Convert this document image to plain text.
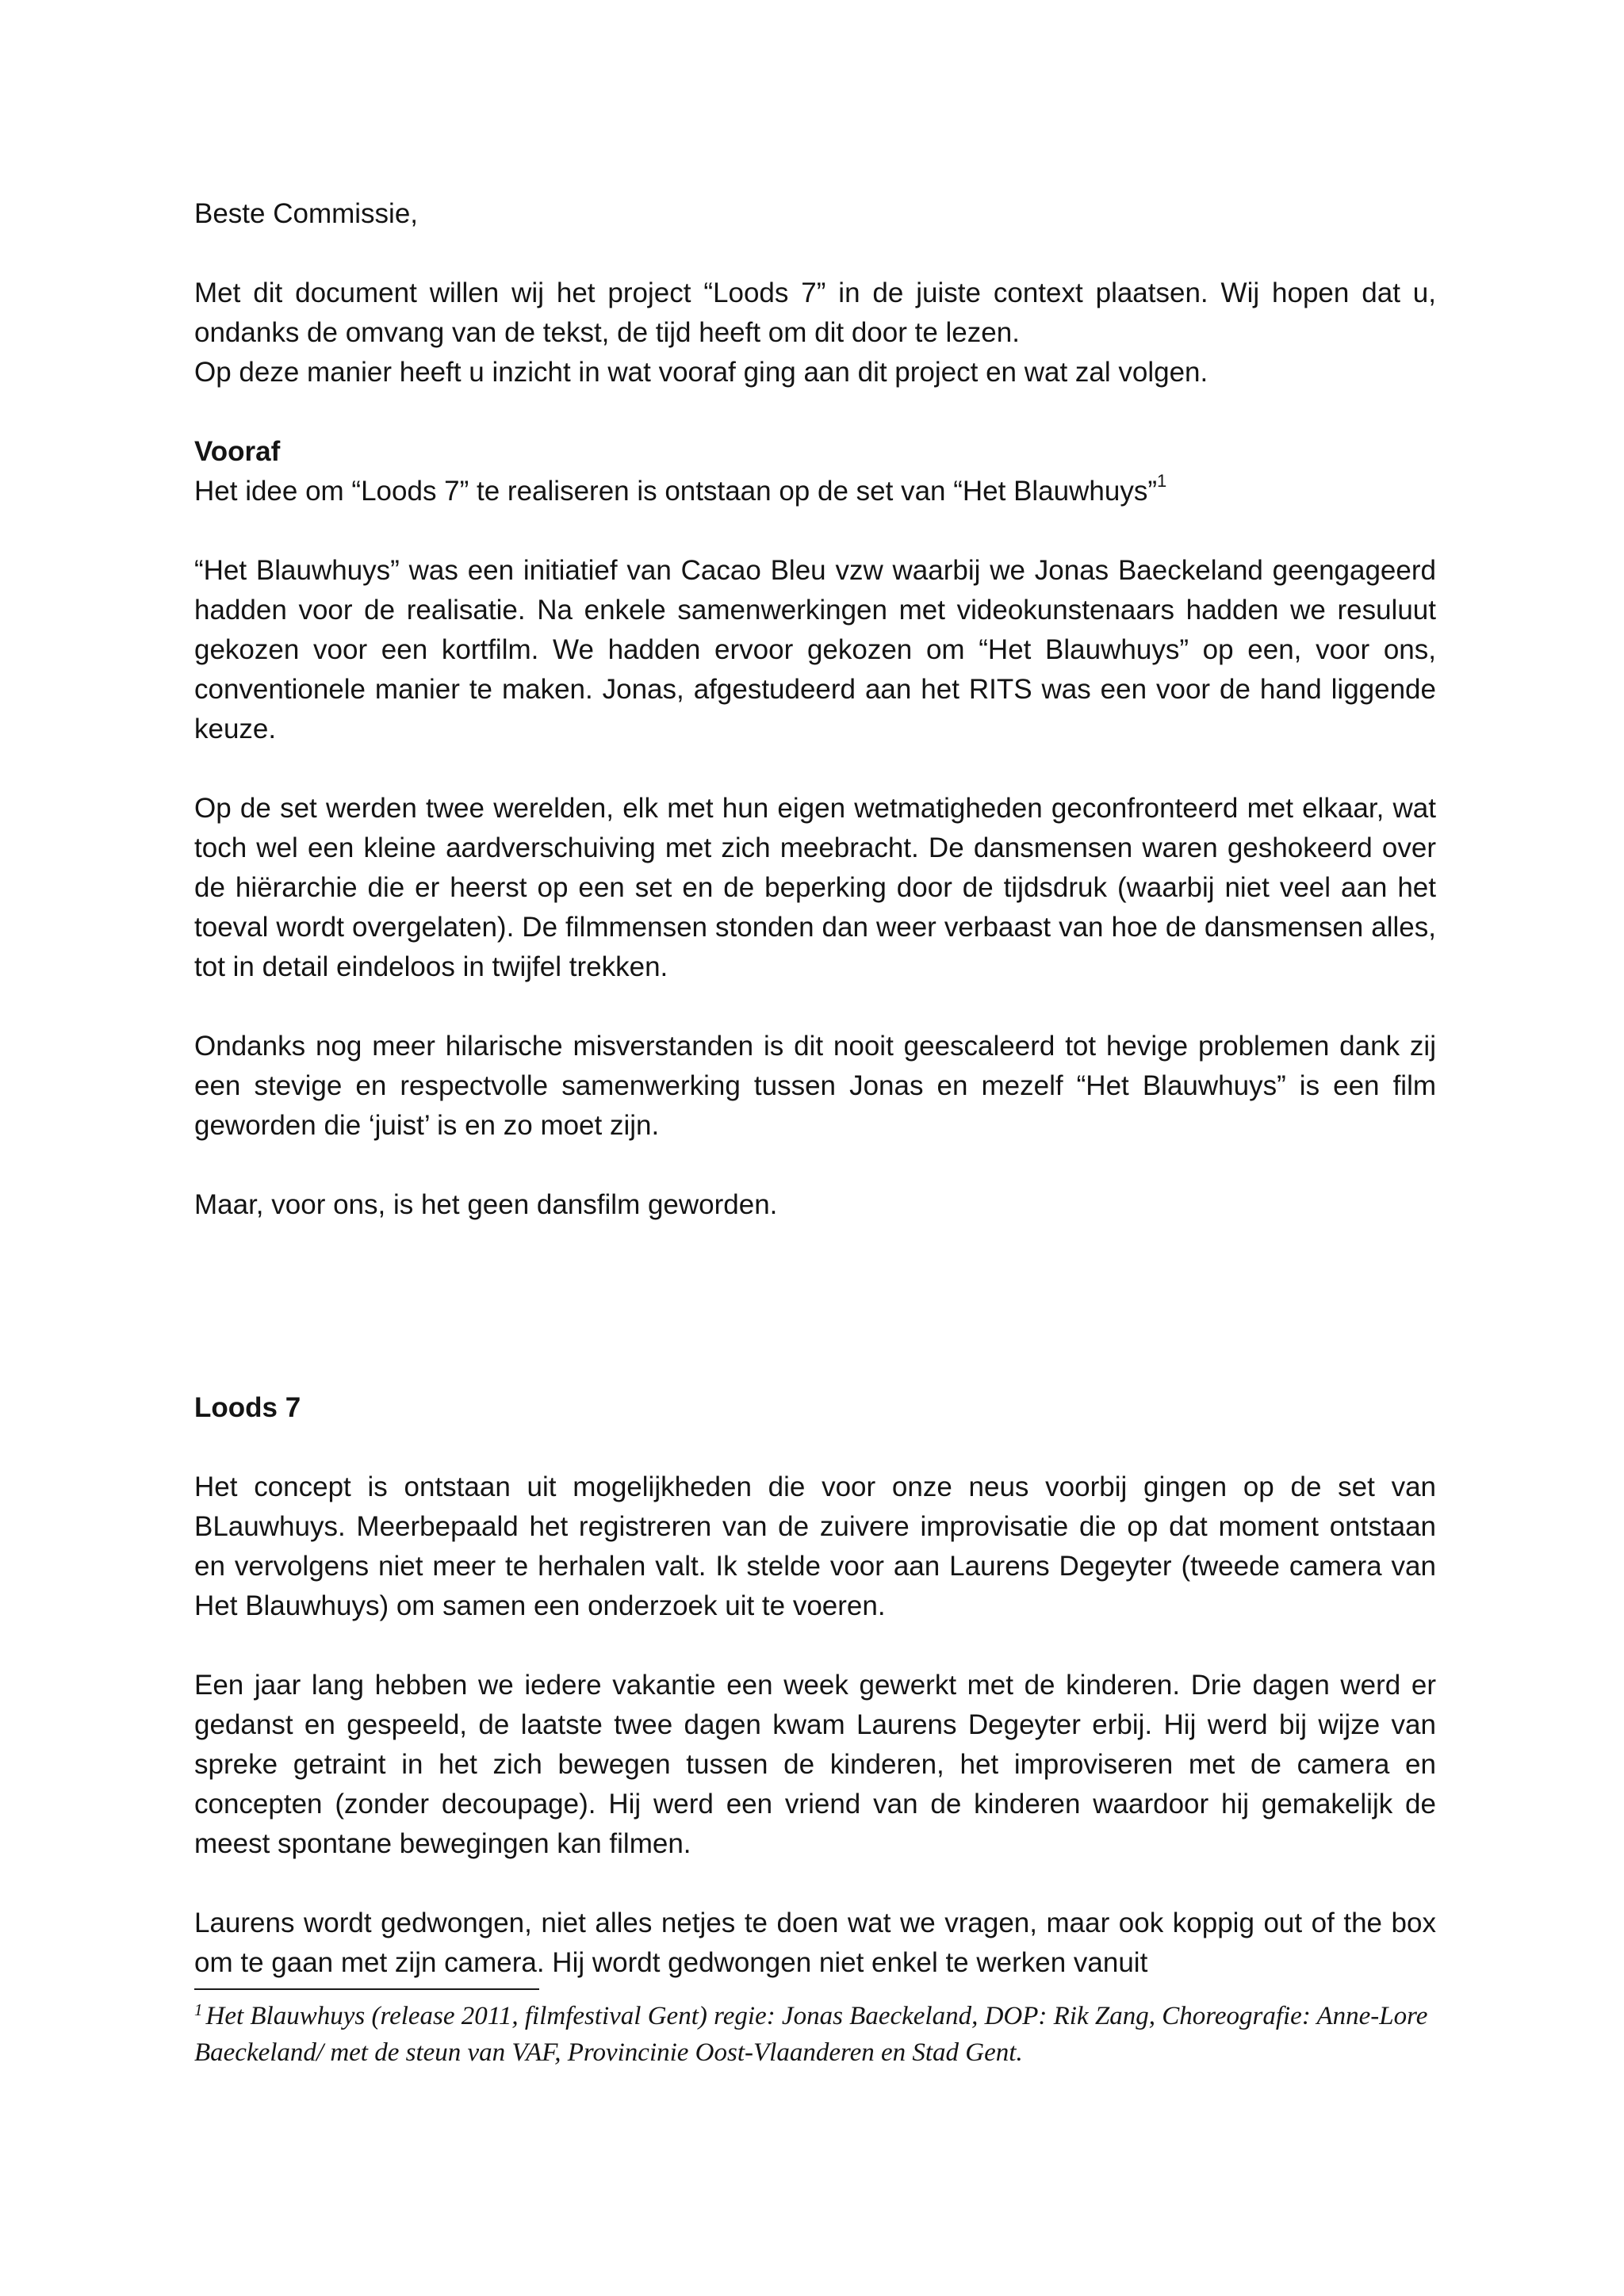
Beste Commissie,

Met dit document willen wij het project “Loods 7” in de juiste context plaatsen. Wij hopen dat u, ondanks de omvang van de tekst, de tijd heeft om dit door te lezen.

Op deze manier heeft u inzicht in wat vooraf ging aan dit project en wat zal volgen.

Vooraf

Het idee om “Loods 7” te realiseren is ontstaan op de set van “Het Blauwhuys”$^1$

“Het Blauwhuys” was een initiatief van Cacao Bleu vzw waarbij we Jonas Baeckeland geengageerd hadden voor de realisatie. Na enkele samenwerkingen met videokunstenaars hadden we resuluut gekozen voor een kortfilm. We hadden ervoor gekozen om “Het Blauwhuys” op een, voor ons, conventionele manier te maken. Jonas, afgestudeerd aan het RITS was een voor de hand liggende keuze.

Op de set werden twee werelden, elk met hun eigen wetmatigheden geconfronteerd met elkaar, wat toch wel een kleine aardverschuiving met zich meebracht. De dansmensen waren geshokeerd over de hiërarchie die er heerst op een set en de beperking door de tijdsdruk (waarbij niet veel aan het toeval wordt overgelaten). De filmmensen stonden dan weer verbaast van hoe de dansmensen alles, tot in detail eindeloos in twijfel trekken.

Ondanks nog meer hilarische misverstanden is dit nooit geescaleerd tot hevige problemen dank zij een stevige en respectvolle samenwerking tussen Jonas en mezelf “Het Blauwhuys” is een film geworden die ‘juist’ is en zo moet zijn.

Maar, voor ons, is het geen dansfilm geworden.

Loods 7

Het concept is ontstaan uit mogelijkheden die voor onze neus voorbij gingen op de set van BLauwhuys. Meerbepaald het registreren van de zuivere improvisatie die op dat moment ontstaan en vervolgens niet meer te herhalen valt. Ik stelde voor aan Laurens Degeyter (tweede camera van Het Blauwhuys) om samen een onderzoek uit te voeren.

Een jaar lang hebben we iedere vakantie een week gewerkt met de kinderen. Drie dagen werd er gedanst en gespeeld, de laatste twee dagen kwam Laurens Degeyter erbij. Hij werd bij wijze van spreke getraint in het zich bewegen tussen de kinderen, het improviseren met de camera en concepten (zonder decoupage). Hij werd een vriend van de kinderen waardoor hij gemakelijk de meest spontane bewegingen kan filmen.

Laurens wordt gedwongen, niet alles netjes te doen wat we vragen, maar ook koppig out of the box om te gaan met zijn camera. Hij wordt gedwongen niet enkel te werken vanuit

$^1$ Het Blauwhuys (release 2011, filmfestival Gent) regie: Jonas Baeckeland, DOP: Rik Zang, Choreografie: Anne-Lore Baeckeland/ met de steun van VAF, Provincinie Oost-Vlaanderen en Stad Gent.
